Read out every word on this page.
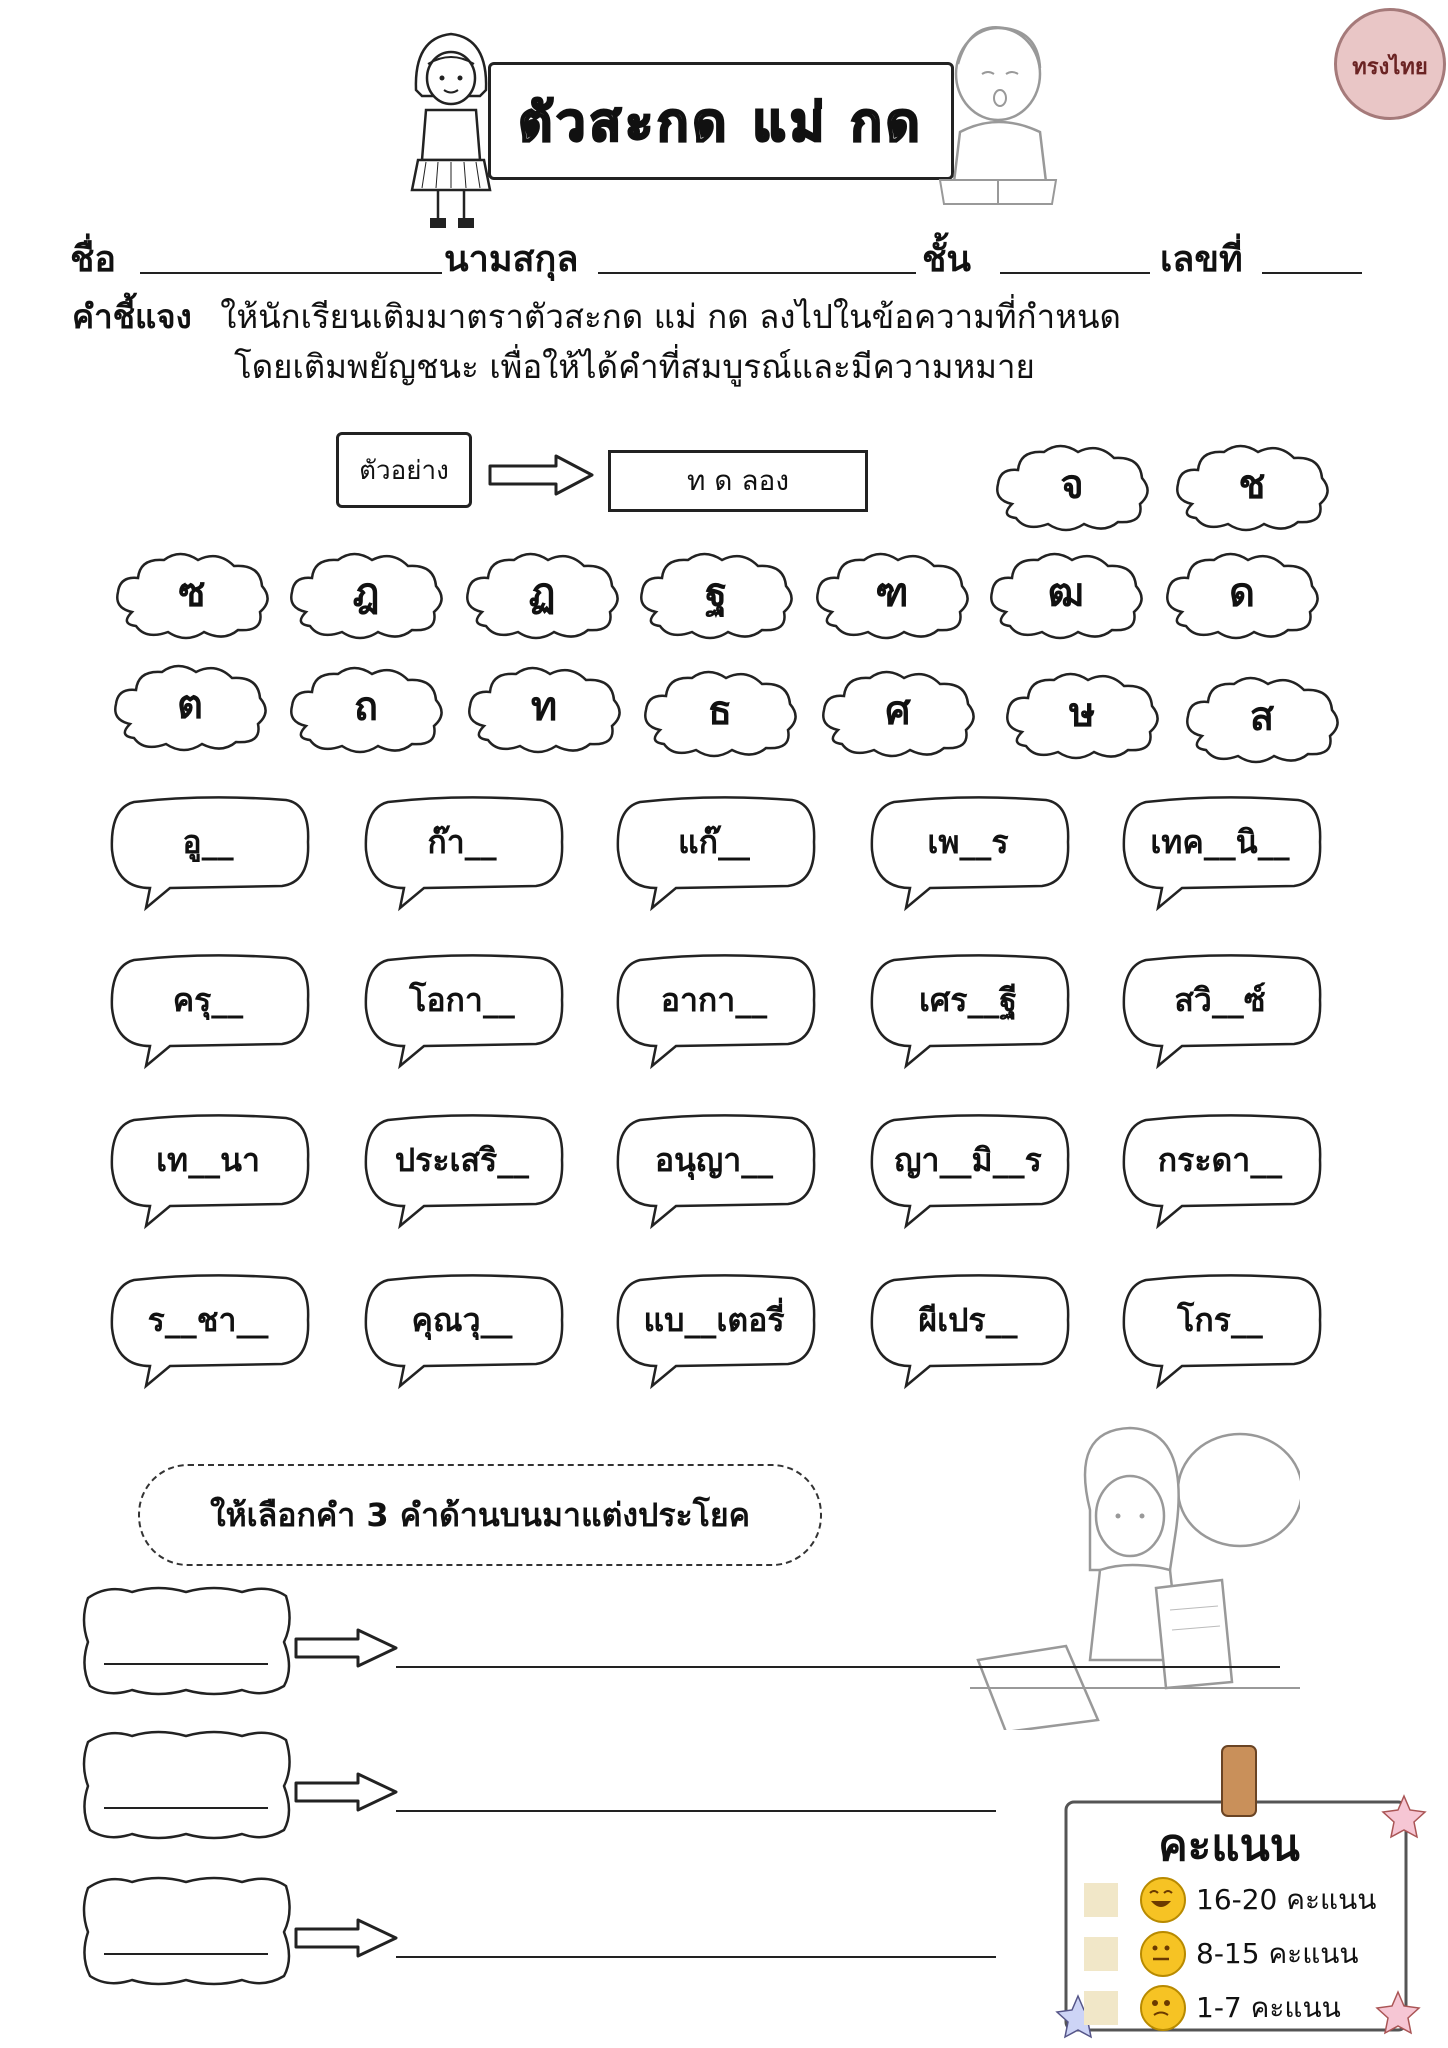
ทรงไทย
ตัวสะกด แม่ กด
ชื่อ	นามสกุล	ชั้น	เลขที่
คำชี้แจง ให้นักเรียนเติมมาตราตัวสะกด แม่ กด ลงไปในข้อความที่กำหนด
โดยเติมพยัญชนะ เพื่อให้ได้คำที่สมบูรณ์และมีความหมาย
ตัวอย่าง	ท ด ลอง	จ	ช
ซ	ฎ	ฏ	ฐ	ฑ	ฒ	ด
ต	ถ	ท	ธ	ศ	ษ	ส
อู__	ก๊า__	แก๊__	เพ__ร	เทค__นิ__
ครุ__	โอกา__	อากา__	เศร__ฐี	สวิ__ซ์
เท__นา	ประเสริ__	อนุญา__	ญา__มิ__ร	กระดา__
ร__ชา__	คุณวุ__	แบ__เตอรี่	ผีเปร__	โกร__
ให้เลือกคำ 3 คำด้านบนมาแต่งประโยค
คะแนน
16-20 คะแนน
8-15 คะแนน
1-7 คะแนน
